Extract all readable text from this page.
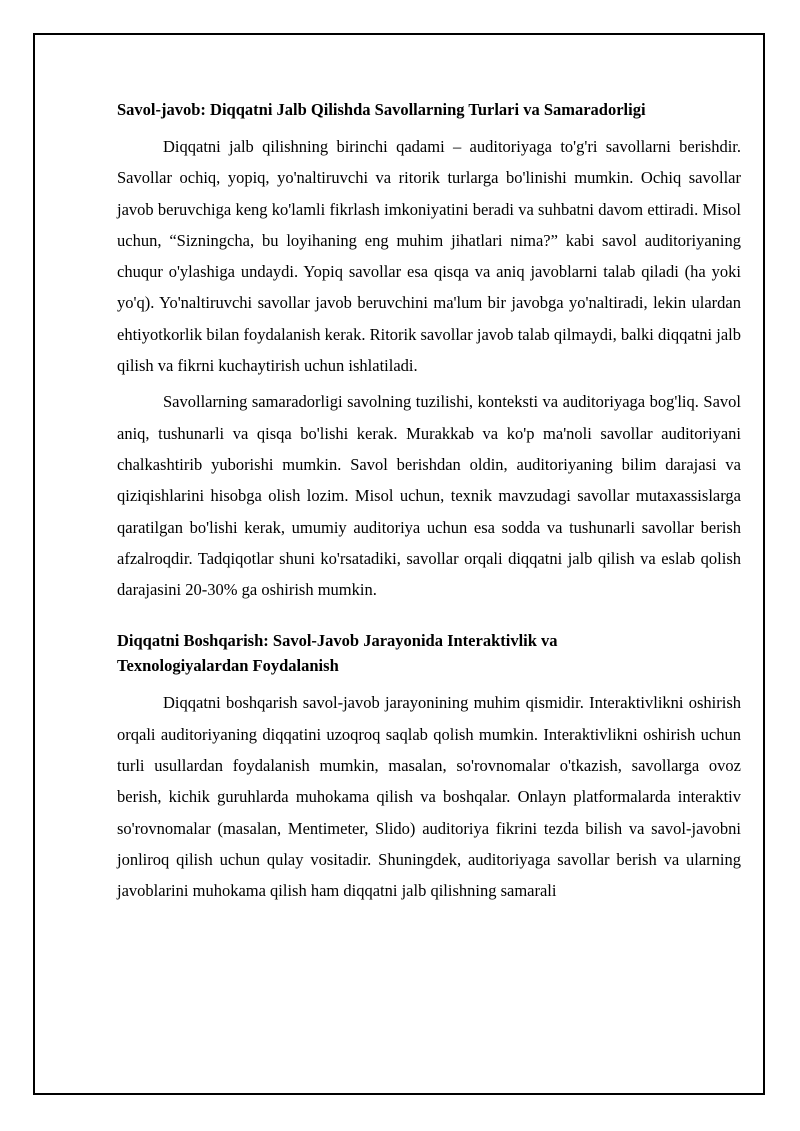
Savol-javob: Diqqatni Jalb Qilishda Savollarning Turlari va Samaradorligi

Diqqatni jalb qilishning birinchi qadami – auditoriyaga to'g'ri savollarni berishdir. Savollar ochiq, yopiq, yo'naltiruvchi va ritorik turlarga bo'linishi mumkin. Ochiq savollar javob beruvchiga keng ko'lamli fikrlash imkoniyatini beradi va suhbatni davom ettiradi. Misol uchun, “Sizningcha, bu loyihaning eng muhim jihatlari nima?” kabi savol auditoriyaning chuqur o'ylashiga undaydi. Yopiq savollar esa qisqa va aniq javoblarni talab qiladi (ha yoki yo'q). Yo'naltiruvchi savollar javob beruvchini ma'lum bir javobga yo'naltiradi, lekin ulardan ehtiyotkorlik bilan foydalanish kerak. Ritorik savollar javob talab qilmaydi, balki diqqatni jalb qilish va fikrni kuchaytirish uchun ishlatiladi.

Savollarning samaradorligi savolning tuzilishi, konteksti va auditoriyaga bog'liq. Savol aniq, tushunarli va qisqa bo'lishi kerak. Murakkab va ko'p ma'noli savollar auditoriyani chalkashtirib yuborishi mumkin. Savol berishdan oldin, auditoriyaning bilim darajasi va qiziqishlarini hisobga olish lozim. Misol uchun, texnik mavzudagi savollar mutaxassislarga qaratilgan bo'lishi kerak, umumiy auditoriya uchun esa sodda va tushunarli savollar berish afzalroqdir. Tadqiqotlar shuni ko'rsatadiki, savollar orqali diqqatni jalb qilish va eslab qolish darajasini 20-30% ga oshirish mumkin.

Diqqatni Boshqarish: Savol-Javob Jarayonida Interaktivlik va
Texnologiyalardan Foydalanish

Diqqatni boshqarish savol-javob jarayonining muhim qismidir. Interaktivlikni oshirish orqali auditoriyaning diqqatini uzoqroq saqlab qolish mumkin. Interaktivlikni oshirish uchun turli usullardan foydalanish mumkin, masalan, so'rovnomalar o'tkazish, savollarga ovoz berish, kichik guruhlarda muhokama qilish va boshqalar. Onlayn platformalarda interaktiv so'rovnomalar (masalan, Mentimeter, Slido) auditoriya fikrini tezda bilish va savol-javobni jonliroq qilish uchun qulay vositadir. Shuningdek, auditoriyaga savollar berish va ularning javoblarini muhokama qilish ham diqqatni jalb qilishning samarali
